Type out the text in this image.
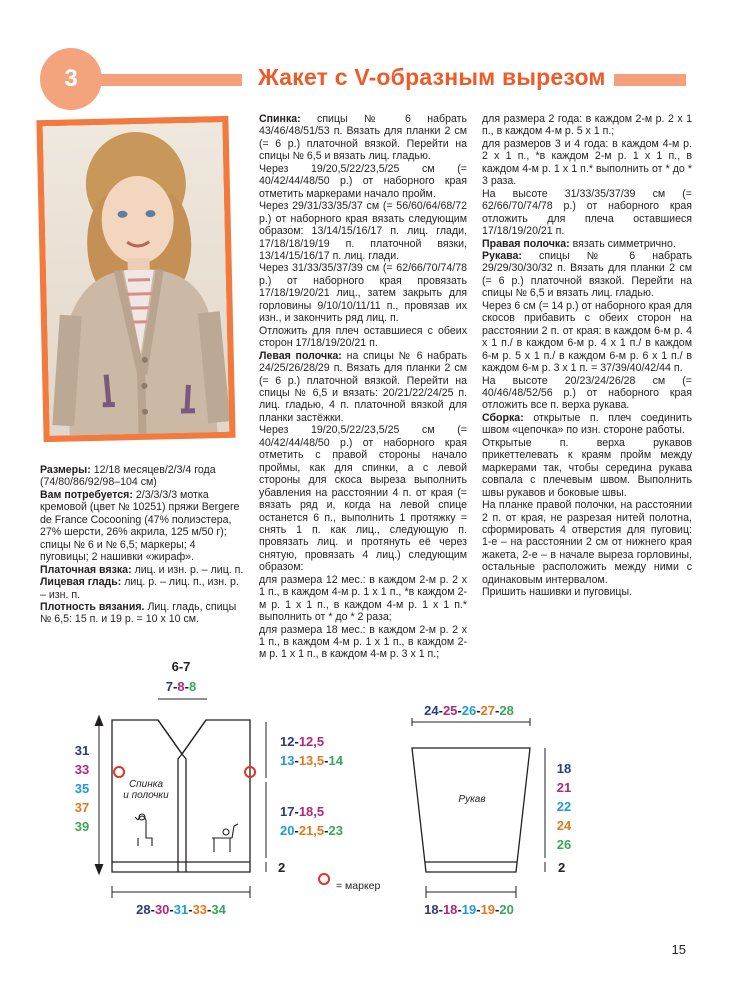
3	Жакет с V-образным вырезом

Размеры: 12/18 месяцев/2/3/4 года (74/80/86/92/98–104 см)

Вам потребуется: 2/3/3/3/3 мотка кремовой (цвет № 10251) пряжи Bergere de France Cocooning (47% полиэстера, 27% шерсти, 26% акрила, 125 м/50 г); спицы № 6 и № 6,5; маркеры; 4 пуговицы; 2 нашивки «жираф».

Платочная вязка: лиц. и изн. р. – лиц. п.

Лицевая гладь: лиц. р. – лиц. п., изн. р. – изн. п.

Плотность вязания. Лиц. гладь, спицы № 6,5: 15 п. и 19 р. = 10 х 10 см.

Спинка: спицы № 6 набрать 43/46/48/51/53 п. Вязать для планки 2 см (= 6 р.) платочной вязкой. Перейти на спицы № 6,5 и вязать лиц. гладью.

Через 19/20,5/22/23,5/25 см (= 40/42/44/48/50 р.) от наборного края отметить маркерами начало пройм.

Через 29/31/33/35/37 см (= 56/60/64/68/72 р.) от наборного края вязать следующим образом: 13/14/15/16/17 п. лиц. глади, 17/18/18/19/19 п. платочной вязки, 13/14/15/16/17 п. лиц. глади.

Через 31/33/35/37/39 см (= 62/66/70/74/78 р.) от наборного края провязать 17/18/19/20/21 лиц., затем закрыть для горловины 9/10/10/11/11 п., провязав их изн., и закончить ряд лиц. п.

Отложить для плеч оставшиеся с обеих сторон 17/18/19/20/21 п.

Левая полочка: на спицы № 6 набрать 24/25/26/28/29 п. Вязать для планки 2 см (= 6 р.) платочной вязкой. Перейти на спицы № 6,5 и вязать: 20/21/22/24/25 п. лиц. гладью, 4 п. платочной вязкой для планки застёжки.

Через 19/20,5/22/23,5/25 см (= 40/42/44/48/50 р.) от наборного края отметить с правой стороны начало проймы, как для спинки, а с левой стороны для скоса выреза выполнить убавления на расстоянии 4 п. от края (= вязать ряд и, когда на левой спице останется 6 п., выполнить 1 протяжку = снять 1 п. как лиц., следующую п. провязать лиц. и протянуть её через снятую, провязать 4 лиц.) следующим образом:

для размера 12 мес.: в каждом 2-м р. 2 х 1 п., в каждом 4-м р. 1 х 1 п., *в каждом 2-м р. 1 х 1 п., в каждом 4-м р. 1 х 1 п.* выполнить от * до * 2 раза;

для размера 18 мес.: в каждом 2-м р. 2 х 1 п., в каждом 4-м р. 1 х 1 п., в каждом 2-м р. 1 х 1 п., в каждом 4-м р. 3 х 1 п.;

для размера 2 года: в каждом 2-м р. 2 х 1 п., в каждом 4-м р. 5 х 1 п.;

для размеров 3 и 4 года: в каждом 4-м р. 2 х 1 п., *в каждом 2-м р. 1 х 1 п., в каждом 4-м р. 1 х 1 п.* выполнить от * до * 3 раза.

На высоте 31/33/35/37/39 см (= 62/66/70/74/78 р.) от наборного края отложить для плеча оставшиеся 17/18/19/20/21 п.

Правая полочка: вязать симметрично.

Рукава: спицы № 6 набрать 29/29/30/30/32 п. Вязать для планки 2 см (= 6 р.) платочной вязкой. Перейти на спицы № 6,5 и вязать лиц. гладью.

Через 6 см (= 14 р.) от наборного края для скосов прибавить с обеих сторон на расстоянии 2 п. от края: в каждом 6-м р. 4 х 1 п./ в каждом 6-м р. 4 х 1 п./ в каждом 6-м р. 5 х 1 п./ в каждом 6-м р. 6 х 1 п./ в каждом 6-м р. 3 х 1 п. = 37/39/40/42/44 п.

На высоте 20/23/24/26/28 см (= 40/46/48/52/56 р.) от наборного края отложить все п. верха рукава.

Сборка: открытые п. плеч соединить швом «цепочка» по изн. стороне работы.

Открытые п. верха рукавов прикеттелевать к краям пройм между маркерами так, чтобы середина рукава совпала с плечевым швом. Выполнить швы рукавов и боковые швы.

На планке правой полочки, на расстоянии 2 п. от края, не разрезая нитей полотна, сформировать 4 отверстия для пуговиц: 1-е – на расстоянии 2 см от нижнего края жакета, 2-е – в начале выреза горловины, остальные расположить между ними с одинаковым интервалом.

Пришить нашивки и пуговицы.

6-7
7-8-8
Спинка
и полочки
31
33
35
37
39
12-12,5
13-13,5-14
17-18,5
20-21,5-23
2
28-30-31-33-34
= маркер
24-25-26-27-28
Рукав
18
21
22
24
26
2
18-18-19-19-20
15
